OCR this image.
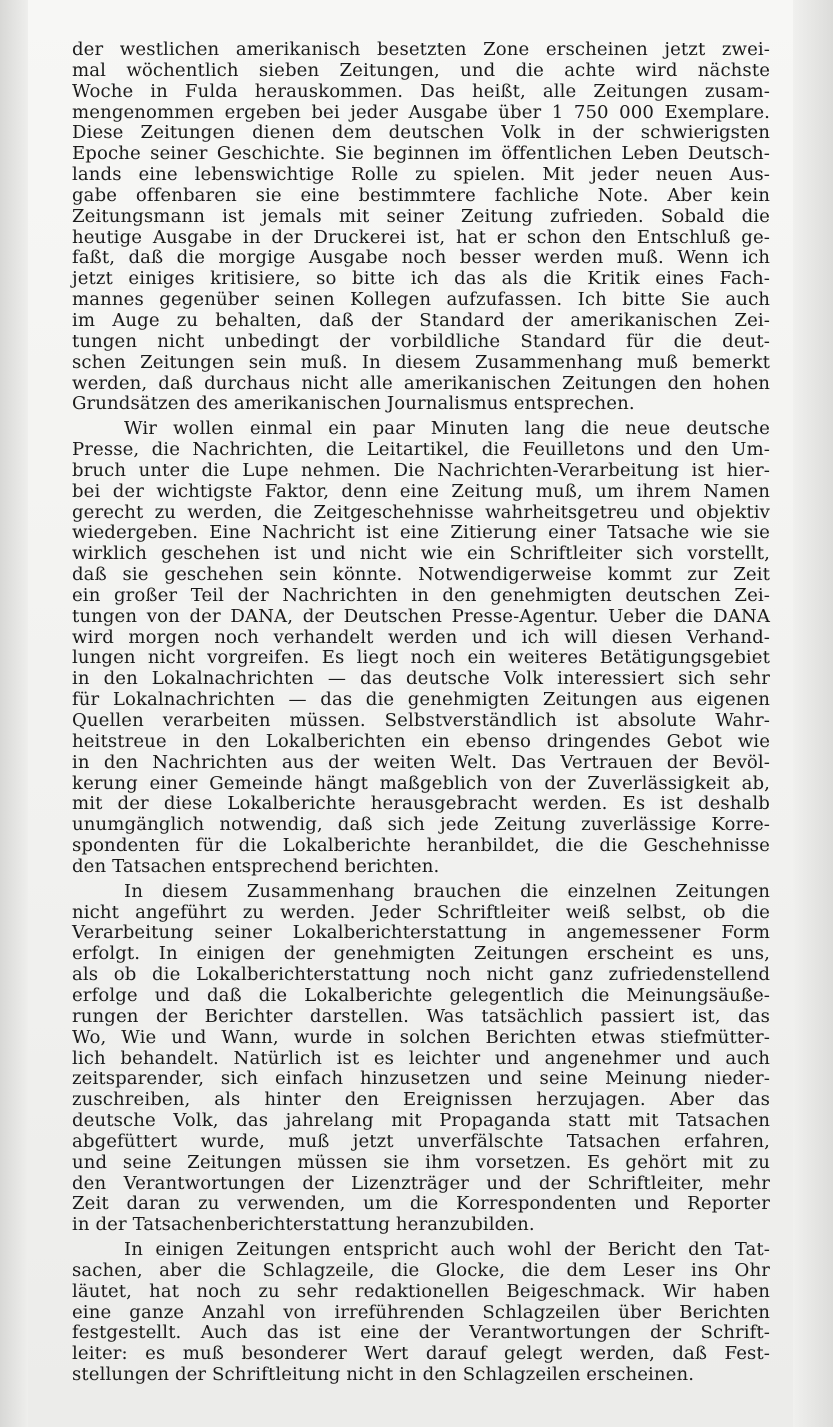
der westlichen amerikanisch besetzten Zone erscheinen jetzt zwei-
mal wöchentlich sieben Zeitungen, und die achte wird nächste
Woche in Fulda herauskommen. Das heißt, alle Zeitungen zusam-
mengenommen ergeben bei jeder Ausgabe über 1 750 000 Exemplare.
Diese Zeitungen dienen dem deutschen Volk in der schwierigsten
Epoche seiner Geschichte. Sie beginnen im öffentlichen Leben Deutsch-
lands eine lebenswichtige Rolle zu spielen. Mit jeder neuen Aus-
gabe offenbaren sie eine bestimmtere fachliche Note. Aber kein
Zeitungsmann ist jemals mit seiner Zeitung zufrieden. Sobald die
heutige Ausgabe in der Druckerei ist, hat er schon den Entschluß ge-
faßt, daß die morgige Ausgabe noch besser werden muß. Wenn ich
jetzt einiges kritisiere, so bitte ich das als die Kritik eines Fach-
mannes gegenüber seinen Kollegen aufzufassen. Ich bitte Sie auch
im Auge zu behalten, daß der Standard der amerikanischen Zei-
tungen nicht unbedingt der vorbildliche Standard für die deut-
schen Zeitungen sein muß. In diesem Zusammenhang muß bemerkt
werden, daß durchaus nicht alle amerikanischen Zeitungen den hohen
Grundsätzen des amerikanischen Journalismus entsprechen.
Wir wollen einmal ein paar Minuten lang die neue deutsche
Presse, die Nachrichten, die Leitartikel, die Feuilletons und den Um-
bruch unter die Lupe nehmen. Die Nachrichten-Verarbeitung ist hier-
bei der wichtigste Faktor, denn eine Zeitung muß, um ihrem Namen
gerecht zu werden, die Zeitgeschehnisse wahrheitsgetreu und objektiv
wiedergeben. Eine Nachricht ist eine Zitierung einer Tatsache wie sie
wirklich geschehen ist und nicht wie ein Schriftleiter sich vorstellt,
daß sie geschehen sein könnte. Notwendigerweise kommt zur Zeit
ein großer Teil der Nachrichten in den genehmigten deutschen Zei-
tungen von der DANA, der Deutschen Presse-Agentur. Ueber die DANA
wird morgen noch verhandelt werden und ich will diesen Verhand-
lungen nicht vorgreifen. Es liegt noch ein weiteres Betätigungsgebiet
in den Lokalnachrichten — das deutsche Volk interessiert sich sehr
für Lokalnachrichten — das die genehmigten Zeitungen aus eigenen
Quellen verarbeiten müssen. Selbstverständlich ist absolute Wahr-
heitstreue in den Lokalberichten ein ebenso dringendes Gebot wie
in den Nachrichten aus der weiten Welt. Das Vertrauen der Bevöl-
kerung einer Gemeinde hängt maßgeblich von der Zuverlässigkeit ab,
mit der diese Lokalberichte herausgebracht werden. Es ist deshalb
unumgänglich notwendig, daß sich jede Zeitung zuverlässige Korre-
spondenten für die Lokalberichte heranbildet, die die Geschehnisse
den Tatsachen entsprechend berichten.
In diesem Zusammenhang brauchen die einzelnen Zeitungen
nicht angeführt zu werden. Jeder Schriftleiter weiß selbst, ob die
Verarbeitung seiner Lokalberichterstattung in angemessener Form
erfolgt. In einigen der genehmigten Zeitungen erscheint es uns,
als ob die Lokalberichterstattung noch nicht ganz zufriedenstellend
erfolge und daß die Lokalberichte gelegentlich die Meinungsäuße-
rungen der Berichter darstellen. Was tatsächlich passiert ist, das
Wo, Wie und Wann, wurde in solchen Berichten etwas stiefmütter-
lich behandelt. Natürlich ist es leichter und angenehmer und auch
zeitsparender, sich einfach hinzusetzen und seine Meinung nieder-
zuschreiben, als hinter den Ereignissen herzujagen. Aber das
deutsche Volk, das jahrelang mit Propaganda statt mit Tatsachen
abgefüttert wurde, muß jetzt unverfälschte Tatsachen erfahren,
und seine Zeitungen müssen sie ihm vorsetzen. Es gehört mit zu
den Verantwortungen der Lizenzträger und der Schriftleiter, mehr
Zeit daran zu verwenden, um die Korrespondenten und Reporter
in der Tatsachenberichterstattung heranzubilden.
In einigen Zeitungen entspricht auch wohl der Bericht den Tat-
sachen, aber die Schlagzeile, die Glocke, die dem Leser ins Ohr
läutet, hat noch zu sehr redaktionellen Beigeschmack. Wir haben
eine ganze Anzahl von irreführenden Schlagzeilen über Berichten
festgestellt. Auch das ist eine der Verantwortungen der Schrift-
leiter: es muß besonderer Wert darauf gelegt werden, daß Fest-
stellungen der Schriftleitung nicht in den Schlagzeilen erscheinen.
